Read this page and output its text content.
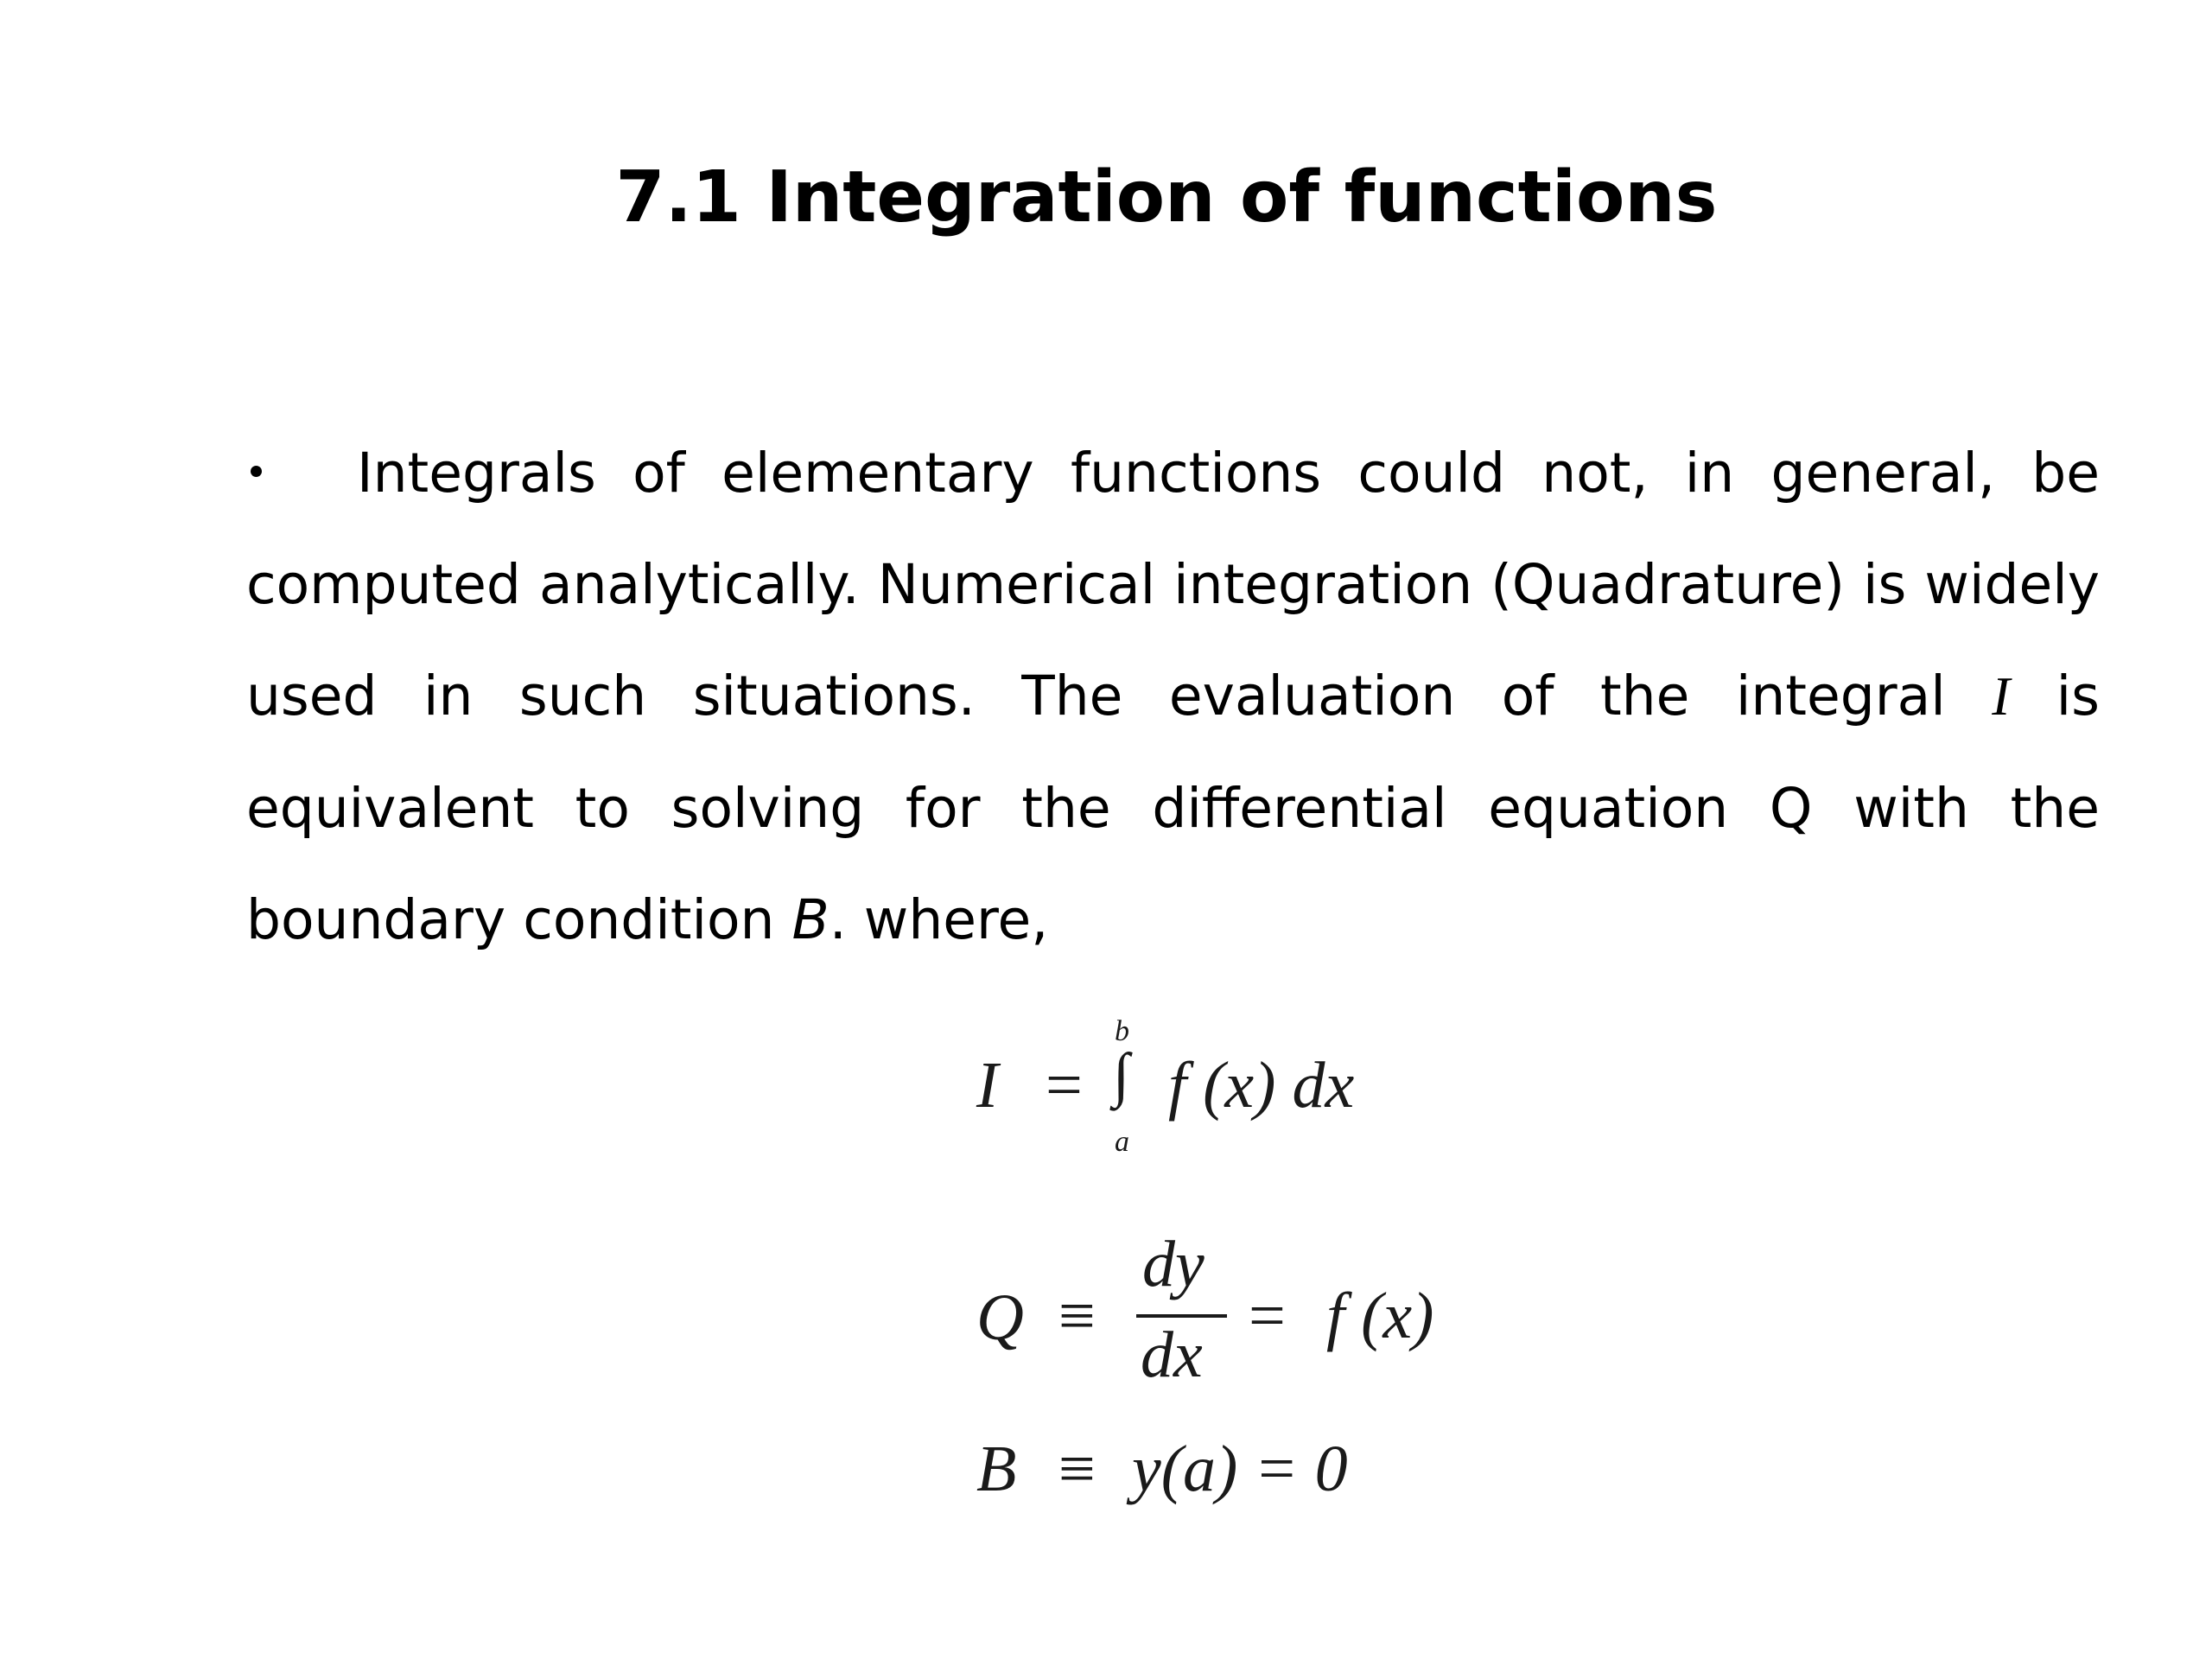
7.1 Integration of functions

Integrals of elementary functions could not, in general, be computed analytically. Numerical integration (Quadrature) is widely used in such situations. The evaluation of the integral I is equivalent to solving for the differential equation Q with the boundary condition B. where,

I =
b
∫
a
f (x) dx
Q ≡
dy
dx
= f (x)
B ≡ y(a) = 0
